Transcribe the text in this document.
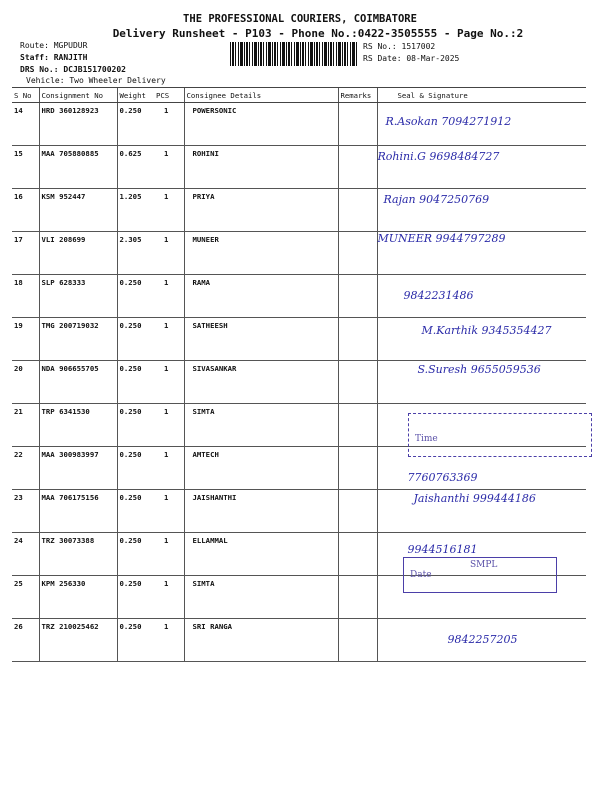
THE PROFESSIONAL COURIERS, COIMBATORE
Delivery Runsheet - P103 - Phone No.:0422-3505555 - Page No.:2
Route: MGPUDUR
Staff: RANJITH
DRS No.: DCJB151700202
Vehicle: Two Wheeler Delivery
RS No.: 1517002
RS Date: 08-Mar-2025
S No	Consignment No	Weight	PCS	Consignee Details	Remarks	Seal & Signature
14	HRD 360128923	0.250	1	POWERSONIC		R.Asokan 7094271912

15	MAA 705880885	0.625	1	ROHINI		Rohini.G 9698484727

16	KSM 952447	1.205	1	PRIYA		Rajan 9047250769

17	VLI 208699	2.305	1	MUNEER		MUNEER 9944797289

18	SLP 628333	0.250	1	RAMA		9842231486

19	TMG 200719032	0.250	1	SATHEESH		M.Karthik 9345354427

20	NDA 906655705	0.250	1	SIVASANKAR		S.Suresh 9655059536

21	TRP 6341530	0.250	1	SIMTA		

22	MAA 300983997	0.250	1	AMTECH		7760763369

23	MAA 706175156	0.250	1	JAISHANTHI		Jaishanthi 999444186

24	TRZ 30073388	0.250	1	ELLAMMAL		9944516181

25	KPM 256330	0.250	1	SIMTA		

26	TRZ 210025462	0.250	1	SRI RANGA		9842257205
Time
SMPL
Date
